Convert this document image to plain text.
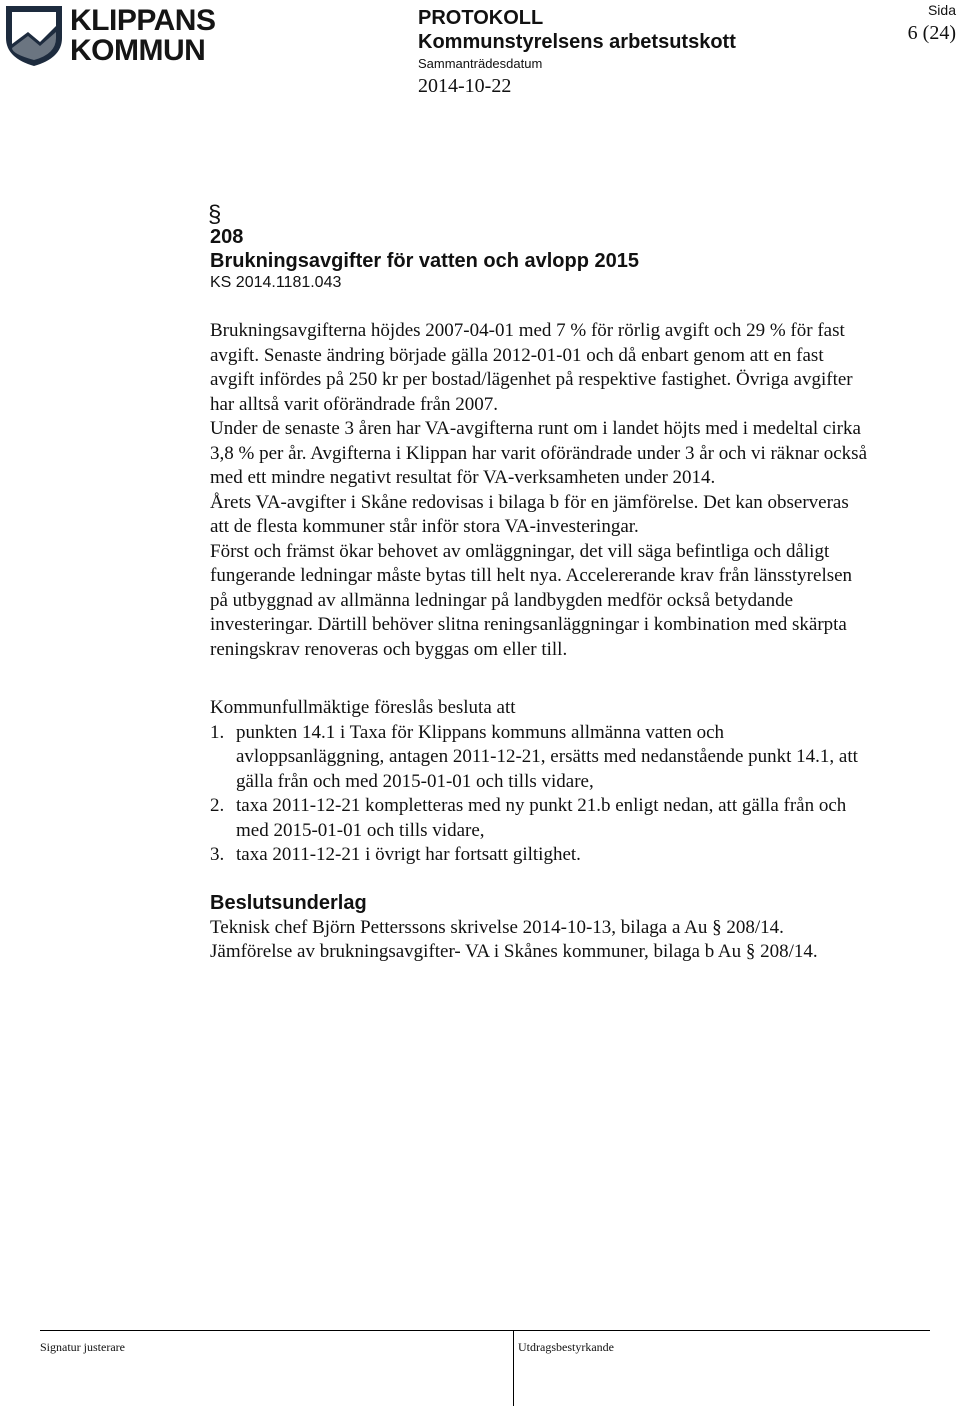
KLIPPANS
KOMMUN
PROTOKOLL
Kommunstyrelsens arbetsutskott
Sammanträdesdatum
2014-10-22
Sida
6 (24)
§
208
Brukningsavgifter för vatten och avlopp 2015
KS 2014.1181.043

Brukningsavgifterna höjdes 2007-04-01 med 7 % för rörlig avgift och 29 % för fast avgift. Senaste ändring började gälla 2012-01-01 och då enbart genom att en fast avgift infördes på 250 kr per bostad/lägenhet på respektive fastighet. Övriga avgifter har alltså varit oförändrade från 2007.

Under de senaste 3 åren har VA-avgifterna runt om i landet höjts med i medeltal cirka 3,8 % per år. Avgifterna i Klippan har varit oförändrade under 3 år och vi räknar också med ett mindre negativt resultat för VA-verksamheten under 2014.

Årets VA-avgifter i Skåne redovisas i bilaga b för en jämförelse. Det kan observeras att de flesta kommuner står inför stora VA-investeringar.

Först och främst ökar behovet av omläggningar, det vill säga befintliga och dåligt fungerande ledningar måste bytas till helt nya. Accelererande krav från länsstyrelsen på utbyggnad av allmänna ledningar på landbygden medför också betydande investeringar. Därtill behöver slitna reningsanläggningar i kombination med skärpta reningskrav renoveras och byggas om eller till.

Kommunfullmäktige föreslås besluta att
1. punkten 14.1 i Taxa för Klippans kommuns allmänna vatten och avloppsanläggning, antagen 2011-12-21, ersätts med nedanstående punkt 14.1, att gälla från och med 2015-01-01 och tills vidare,
2. taxa 2011-12-21 kompletteras med ny punkt 21.b enligt nedan, att gälla från och med 2015-01-01 och tills vidare,
3. taxa 2011-12-21 i övrigt har fortsatt giltighet.
Beslutsunderlag
Teknisk chef Björn Petterssons skrivelse 2014-10-13, bilaga a Au § 208/14.
Jämförelse av brukningsavgifter- VA i Skånes kommuner, bilaga b Au § 208/14.
Signatur justerare	Utdragsbestyrkande
